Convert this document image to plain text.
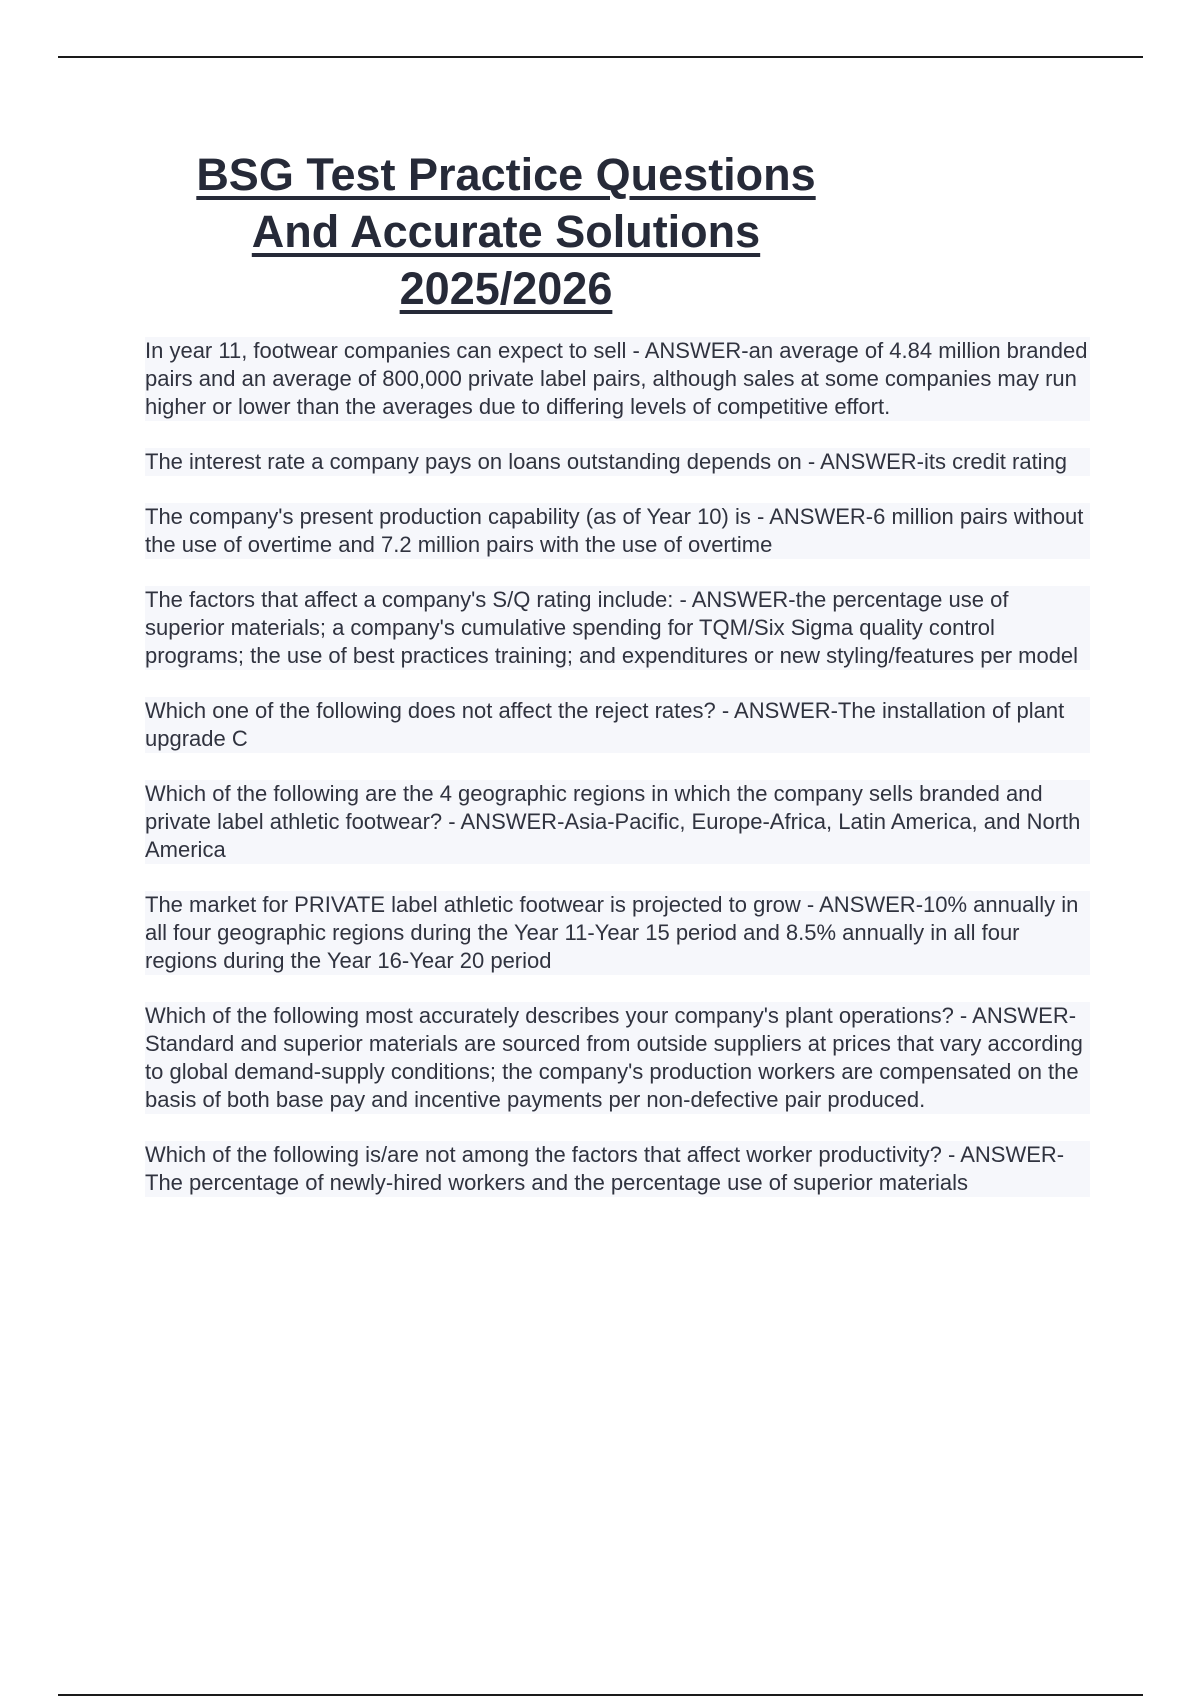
BSG Test Practice Questions
And Accurate Solutions
2025/2026

In year 11, footwear companies can expect to sell - ANSWER-an average of 4.84 million branded pairs and an average of 800,000 private label pairs, although sales at some companies may run higher or lower than the averages due to differing levels of competitive effort.

The interest rate a company pays on loans outstanding depends on - ANSWER-its credit rating

The company's present production capability (as of Year 10) is - ANSWER-6 million pairs without the use of overtime and 7.2 million pairs with the use of overtime

The factors that affect a company's S/Q rating include: - ANSWER-the percentage use of superior materials; a company's cumulative spending for TQM/Six Sigma quality control programs; the use of best practices training; and expenditures or new styling/features per model

Which one of the following does not affect the reject rates? - ANSWER-The installation of plant upgrade C

Which of the following are the 4 geographic regions in which the company sells branded and private label athletic footwear? - ANSWER-Asia-Pacific, Europe-Africa, Latin America, and North America

The market for PRIVATE label athletic footwear is projected to grow - ANSWER-10% annually in all four geographic regions during the Year 11-Year 15 period and 8.5% annually in all four regions during the Year 16-Year 20 period

Which of the following most accurately describes your company's plant operations? - ANSWER-Standard and superior materials are sourced from outside suppliers at prices that vary according to global demand-supply conditions; the company's production workers are compensated on the basis of both base pay and incentive payments per non-defective pair produced.

Which of the following is/are not among the factors that affect worker productivity? - ANSWER-The percentage of newly-hired workers and the percentage use of superior materials
